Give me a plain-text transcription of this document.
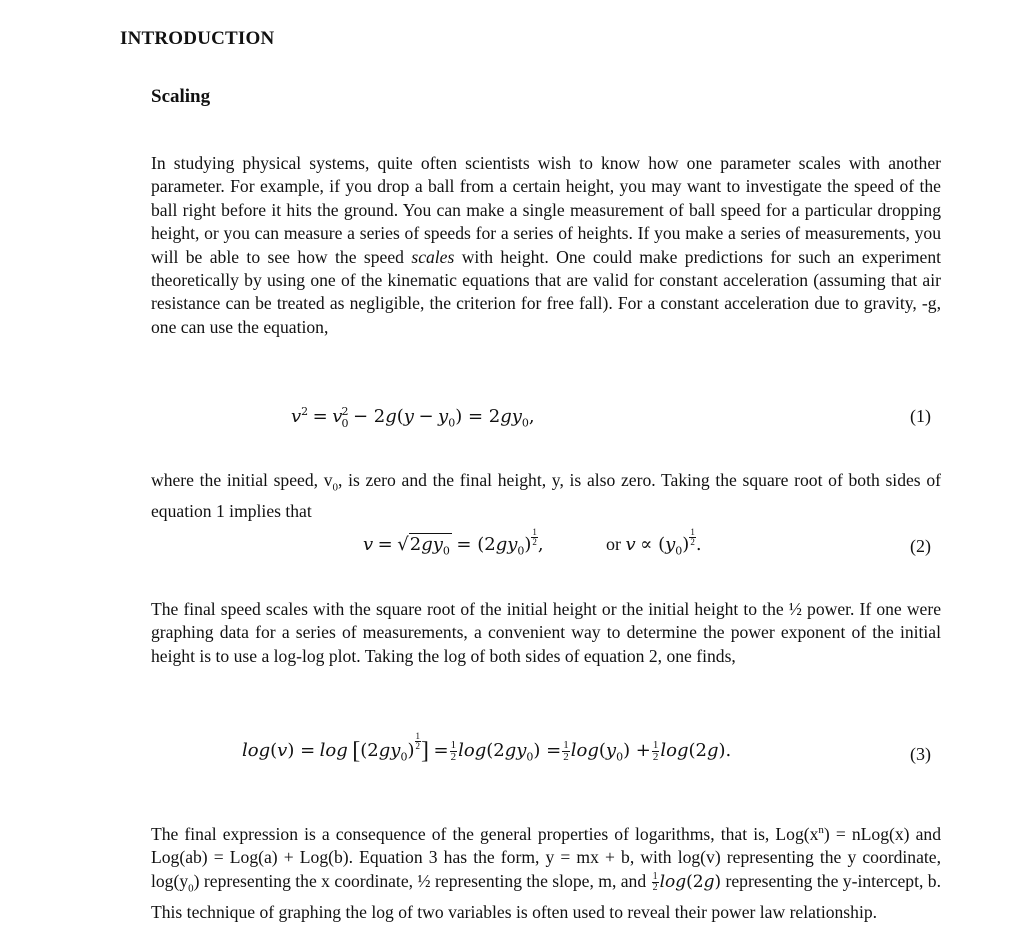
INTRODUCTION
Scaling
In studying physical systems, quite often scientists wish to know how one parameter scales with another parameter. For example, if you drop a ball from a certain height, you may want to investigate the speed of the ball right before it hits the ground. You can make a single measurement of ball speed for a particular dropping height, or you can measure a series of speeds for a series of heights. If you make a series of measurements, you will be able to see how the speed scales with height. One could make predictions for such an experiment theoretically by using one of the kinematic equations that are valid for constant acceleration (assuming that air resistance can be treated as negligible, the criterion for free fall). For a constant acceleration due to gravity, -g, one can use the equation,
$v^2 = v^2_0 - 2g(y - y_0) = 2gy_0$,	(1)
where the initial speed, $v_0$, is zero and the final height, y, is also zero. Taking the square root of both sides of equation 1 implies that
$v = √2gy_0 = (2gy_0) \frac{1}{2}$ ,	or $v \propto (y_0) \frac{1}{2}$ .	(2)
The final speed scales with the square root of the initial height or the initial height to the ½ power. If one were graphing data for a series of measurements, a convenient way to determine the power exponent of the initial height is to use a log-log plot. Taking the log of both sides of equation 2, one finds,
$\log(v) = \log [(2gy_0) \frac{1}{2}$ ] = $\frac{1}{2} \log(2gy_0) = \frac{1}{2} \log(y_0) + \frac{1}{2} \log(2g)$.	(3)
The final expression is a consequence of the general properties of logarithms, that is, $Log(x^n)$ = nLog(x) and Log(ab) = Log(a) + Log(b). Equation 3 has the form, y = mx + b, with log(v) representing the y coordinate, $\log(y_0)$ representing the x coordinate, ½ representing the slope, m, and $\frac{1}{2} \log(2g)$ representing the y-intercept, b. This technique of graphing the log of two variables is often used to reveal their power law relationship.
